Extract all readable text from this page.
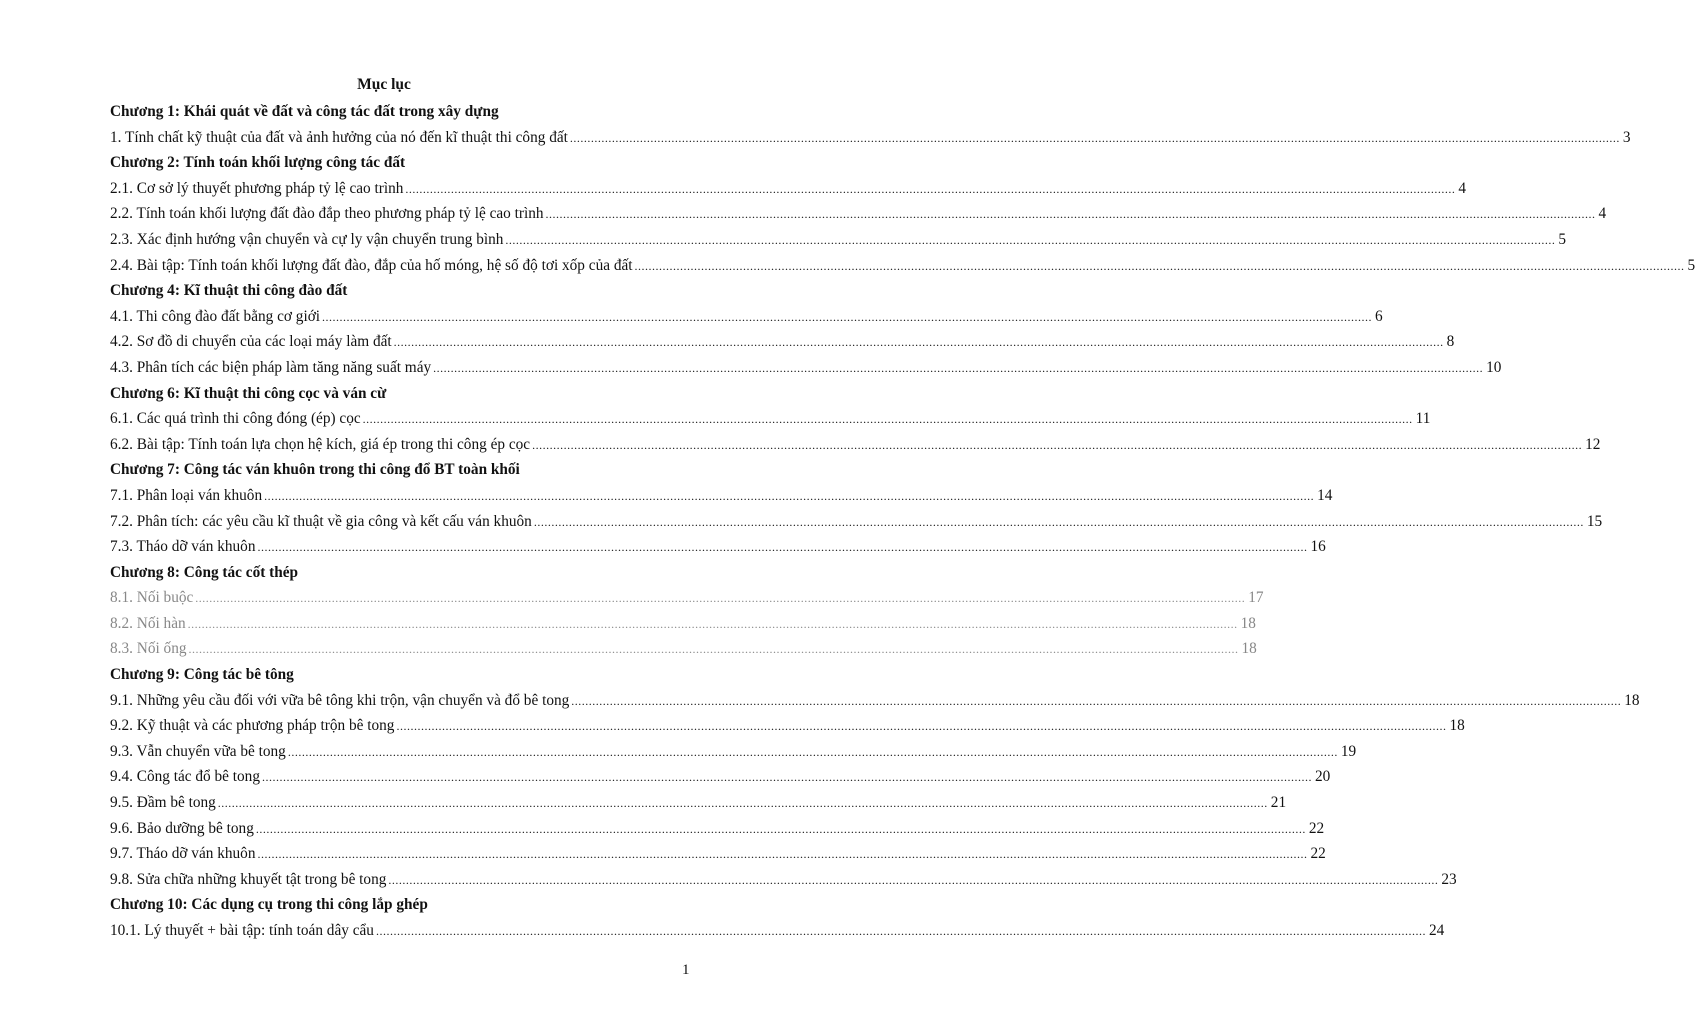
Mục lục
Chương 1: Khái quát về đất và công tác đất trong xây dựng
1. Tính chất kỹ thuật của đất và ảnh hưởng của nó đến kĩ thuật thi công đất ............................................................................................................................................................................................................................................................................................................ 3
Chương 2: Tính toán khối lượng công tác đất
2.1. Cơ sở lý thuyết phương pháp tỷ lệ cao trình ............................................................................................................................................................................................................................................................................................................ 4
2.2. Tính toán khối lượng đất đào đắp theo phương pháp tỷ lệ cao trình ............................................................................................................................................................................................................................................................................................................ 4
2.3. Xác định hướng vận chuyển và cự ly vận chuyển trung bình ............................................................................................................................................................................................................................................................................................................ 5
2.4. Bài tập: Tính toán khối lượng đất đào, đắp của hố móng, hệ số độ tơi xốp của đất ............................................................................................................................................................................................................................................................................................................ 5
Chương 4: Kĩ thuật thi công đào đất
4.1. Thi công đào đất bằng cơ giới ............................................................................................................................................................................................................................................................................................................ 6
4.2. Sơ đồ di chuyển của các loại máy làm đất ............................................................................................................................................................................................................................................................................................................ 8
4.3. Phân tích các biện pháp làm tăng năng suất máy ............................................................................................................................................................................................................................................................................................................ 10
Chương 6: Kĩ thuật thi công cọc và ván cừ
6.1. Các quá trình thi công đóng (ép) cọc ............................................................................................................................................................................................................................................................................................................ 11
6.2. Bài tập: Tính toán lựa chọn hệ kích, giá ép trong thi công ép cọc ............................................................................................................................................................................................................................................................................................................ 12
Chương 7: Công tác ván khuôn trong thi công đổ BT toàn khối
7.1. Phân loại ván khuôn ............................................................................................................................................................................................................................................................................................................ 14
7.2. Phân tích: các yêu cầu kĩ thuật về gia công và kết cấu ván khuôn ............................................................................................................................................................................................................................................................................................................ 15
7.3. Tháo dỡ ván khuôn ............................................................................................................................................................................................................................................................................................................ 16
Chương 8: Công tác cốt thép
8.1. Nối buộc ............................................................................................................................................................................................................................................................................................................ 17
8.2. Nối hàn ............................................................................................................................................................................................................................................................................................................ 18
8.3. Nối ống ............................................................................................................................................................................................................................................................................................................ 18
Chương 9: Công tác bê tông
9.1. Những yêu cầu đối với vữa bê tông khi trộn, vận chuyển và đổ bê tong ............................................................................................................................................................................................................................................................................................................ 18
9.2. Kỹ thuật và các phương pháp trộn bê tong ............................................................................................................................................................................................................................................................................................................ 18
9.3. Vẫn chuyển vữa bê tong ............................................................................................................................................................................................................................................................................................................ 19
9.4. Công tác đổ bê tong ............................................................................................................................................................................................................................................................................................................ 20
9.5. Đầm bê tong ............................................................................................................................................................................................................................................................................................................ 21
9.6. Bảo dưỡng bê tong ............................................................................................................................................................................................................................................................................................................ 22
9.7. Tháo dỡ ván khuôn ............................................................................................................................................................................................................................................................................................................ 22
9.8. Sửa chữa những khuyết tật trong bê tong ............................................................................................................................................................................................................................................................................................................ 23
Chương 10: Các dụng cụ trong thi công lắp ghép
10.1. Lý thuyết + bài tập: tính toán dây cẩu ............................................................................................................................................................................................................................................................................................................ 24
1
